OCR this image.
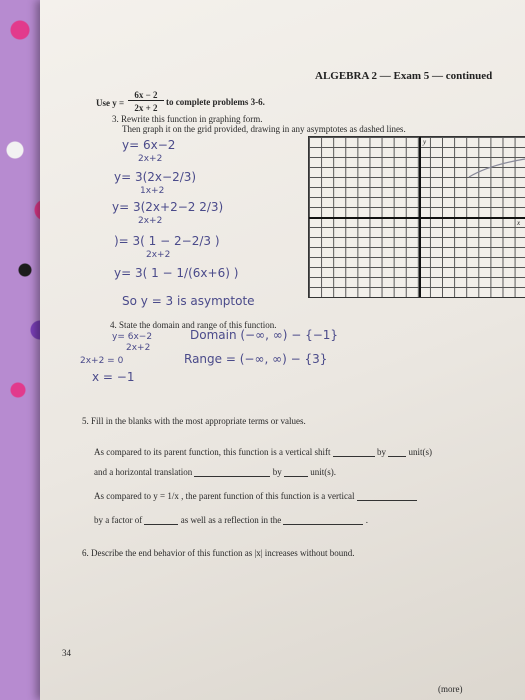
ALGEBRA 2 — Exam 5 — continued
Use y =
6x − 2
2x + 2
to complete problems 3-6.
3. Rewrite this function in graphing form.
Then graph it on the grid provided, drawing in any asymptotes as dashed lines.
y= 6x−2
2x+2
y= 3(2x−2/3)
1x+2
y= 3(2x+2−2 2/3)
2x+2
)= 3( 1 − 2−2/3 )
2x+2
y= 3( 1 − 1/(6x+6) )
So y = 3 is asymptote
y
x
4. State the domain and range of this function.
y= 6x−2
2x+2
Domain (−∞, ∞) − {−1}
2x+2 = 0	Range = (−∞, ∞) − {3}
x = −1
5. Fill in the blanks with the most appropriate terms or values.
As compared to its parent function, this function is a vertical shift	by	unit(s)
and a horizontal translation	by	unit(s).
As compared to y = 1/x , the parent function of this function is a vertical
by a factor of	as well as a reflection in the	.
6. Describe the end behavior of this function as |x| increases without bound.
34
(more)
